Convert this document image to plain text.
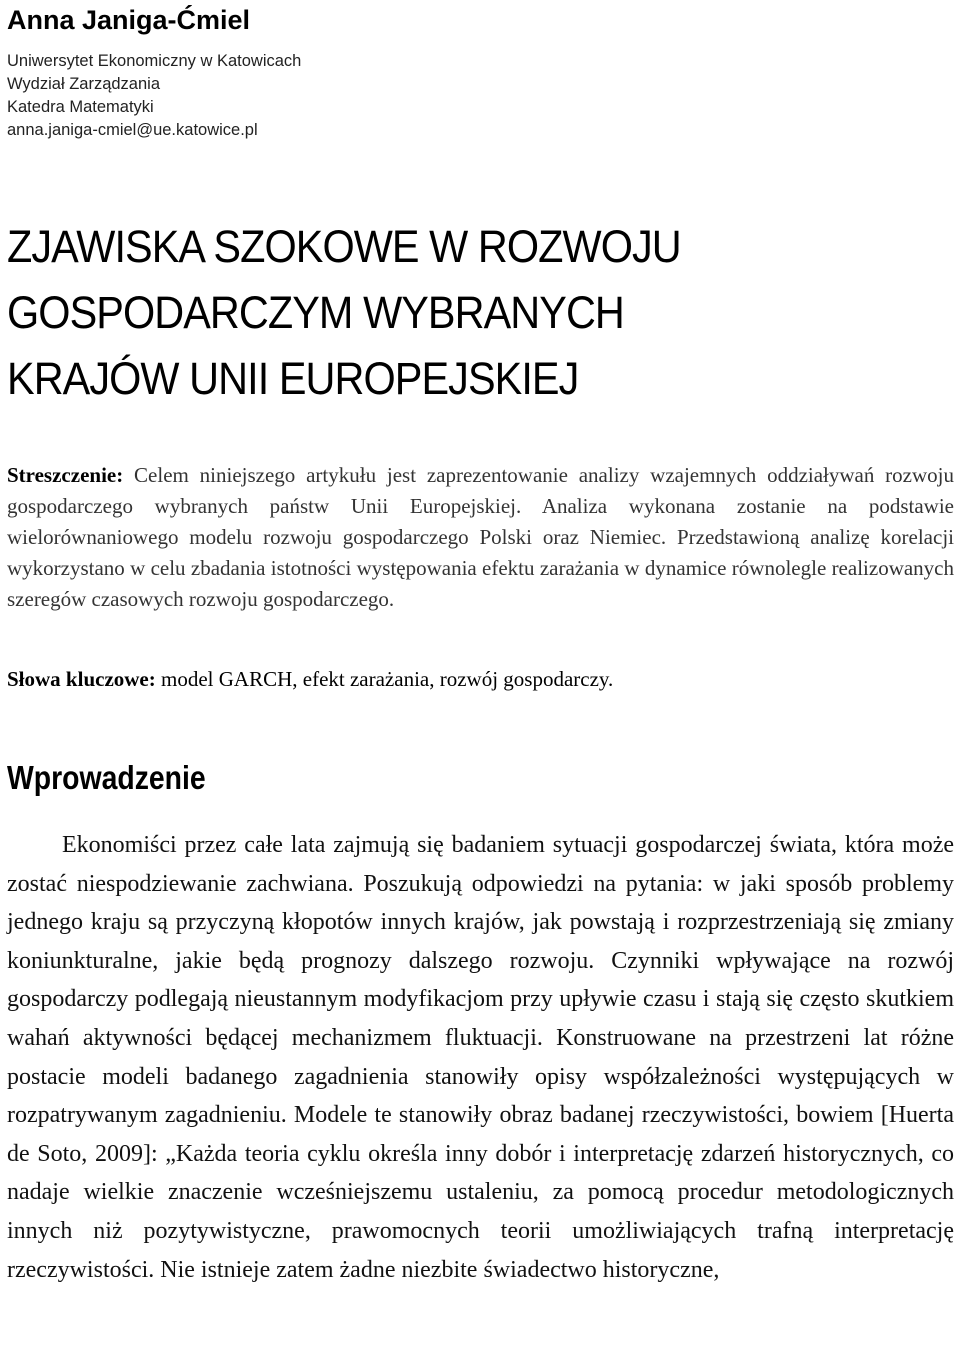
Anna Janiga-Ćmiel
Uniwersytet Ekonomiczny w Katowicach
Wydział Zarządzania
Katedra Matematyki
anna.janiga-cmiel@ue.katowice.pl
ZJAWISKA SZOKOWE W ROZWOJU
GOSPODARCZYM WYBRANYCH
KRAJÓW UNII EUROPEJSKIEJ
Streszczenie: Celem niniejszego artykułu jest zaprezentowanie analizy wzajemnych oddziaływań rozwoju gospodarczego wybranych państw Unii Europejskiej. Analiza wykonana zostanie na podstawie wielorównaniowego modelu rozwoju gospodarczego Polski oraz Niemiec. Przedstawioną analizę korelacji wykorzystano w celu zbadania istotności występowania efektu zarażania w dynamice równolegle realizowanych szeregów czasowych rozwoju gospodarczego.
Słowa kluczowe: model GARCH, efekt zarażania, rozwój gospodarczy.
Wprowadzenie
Ekonomiści przez całe lata zajmują się badaniem sytuacji gospodarczej świata, która może zostać niespodziewanie zachwiana. Poszukują odpowiedzi na pytania: w jaki sposób problemy jednego kraju są przyczyną kłopotów innych krajów, jak powstają i rozprzestrzeniają się zmiany koniunkturalne, jakie będą prognozy dalszego rozwoju. Czynniki wpływające na rozwój gospodarczy podlegają nieustannym modyfikacjom przy upływie czasu i stają się często skutkiem wahań aktywności będącej mechanizmem fluktuacji. Konstruowane na przestrzeni lat różne postacie modeli badanego zagadnienia stanowiły opisy współzależności występujących w rozpatrywanym zagadnieniu. Modele te stanowiły obraz badanej rzeczywistości, bowiem [Huerta de Soto, 2009]: „Każda teoria cyklu określa inny dobór i interpretację zdarzeń historycznych, co nadaje wielkie znaczenie wcześniejszemu ustaleniu, za pomocą procedur metodologicznych innych niż pozytywistyczne, prawomocnych teorii umożliwiających trafną interpretację rzeczywistości. Nie istnieje zatem żadne niezbite świadectwo historyczne,
